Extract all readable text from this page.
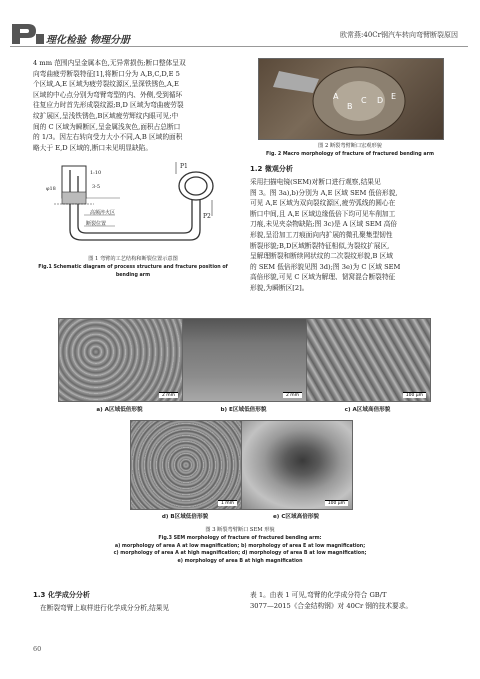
理化检验 物理分册	欧常燕:40Cr钢汽车转向弯臂断裂原因
4 mm 范围内呈金属本色,无异常损伤;断口整体呈双
向弯曲疲劳断裂特征[1],将断口分为 A,B,C,D,E 5
个区域,A,E 区域为疲劳裂纹源区,呈深铁锈色,A,E
区域的中心点分别为弯臂弯型的内、外侧,受到循环
往复应力时首先形成裂纹源;B,D 区域为弯曲疲劳裂
纹扩展区,呈浅铁锈色,B区域疲劳辉纹内眼可见;中
间的 C 区域为瞬断区,呈金属浅灰色,面积占总断口
的 1/3。因左右转向受力大小不同,A,B 区域的面积
略大于 E,D 区域的,断口未见明显缺陷。
P1
P2
1:10
3-5
φ18
高频淬火区
断裂位置
图 1 弯臂的工艺结构和断裂位置示意图
Fig.1 Schematic diagram of process structure and fracture position of bending arm
A
B
C D E
图 2 断裂弯臂断口宏观形貌
Fig. 2 Macro morphology of fracture of fractured bending arm
1.2 微观分析
采用扫描电镜(SEM)对断口进行观察,结果见
图 3。图 3a),b)分别为 A,E 区域 SEM 低倍形貌,
可见 A,E 区域为双向裂纹源区,疲劳弧线的圆心在
断口中间,且 A,E 区域边缘低倍下均可见车削加工
刀痕,未见夹杂物缺陷;图 3c)是 A 区域 SEM 高倍
形貌,呈沿加工刀痕面向内扩展的微孔聚集型韧性
断裂形貌;B,D区域断裂特征相似,为裂纹扩展区,
呈解理断裂和断续网状纹的二次裂纹形貌,B 区域
的 SEM 低倍形貌见图 3d);图 3e)为 C 区域 SEM
高倍形貌,可见 C 区域为解理、韧窝混合断裂特征
形貌,为瞬断区[2]。
2 mm	2 mm	100 μm
a) A区域低倍形貌	b) E区域低倍形貌	c) A区域高倍形貌
1 mm	100 μm
d) B区域低倍形貌	e) C区域高倍形貌
图 3 断裂弯臂断口 SEM 形貌
Fig.3 SEM morphology of fracture of fractured bending arm:
a) morphology of area A at low magnification; b) morphology of area E at low magnification;
c) morphology of area A at high magnification; d) morphology of area B at low magnification;
e) morphology of area B at high magnification
1.3 化学成分分析
在断裂弯臂上取样进行化学成分分析,结果见
表 1。由表 1 可见,弯臂的化学成分符合 GB/T
3077—2015《合金结构钢》对 40Cr 钢的技术要求。
60
